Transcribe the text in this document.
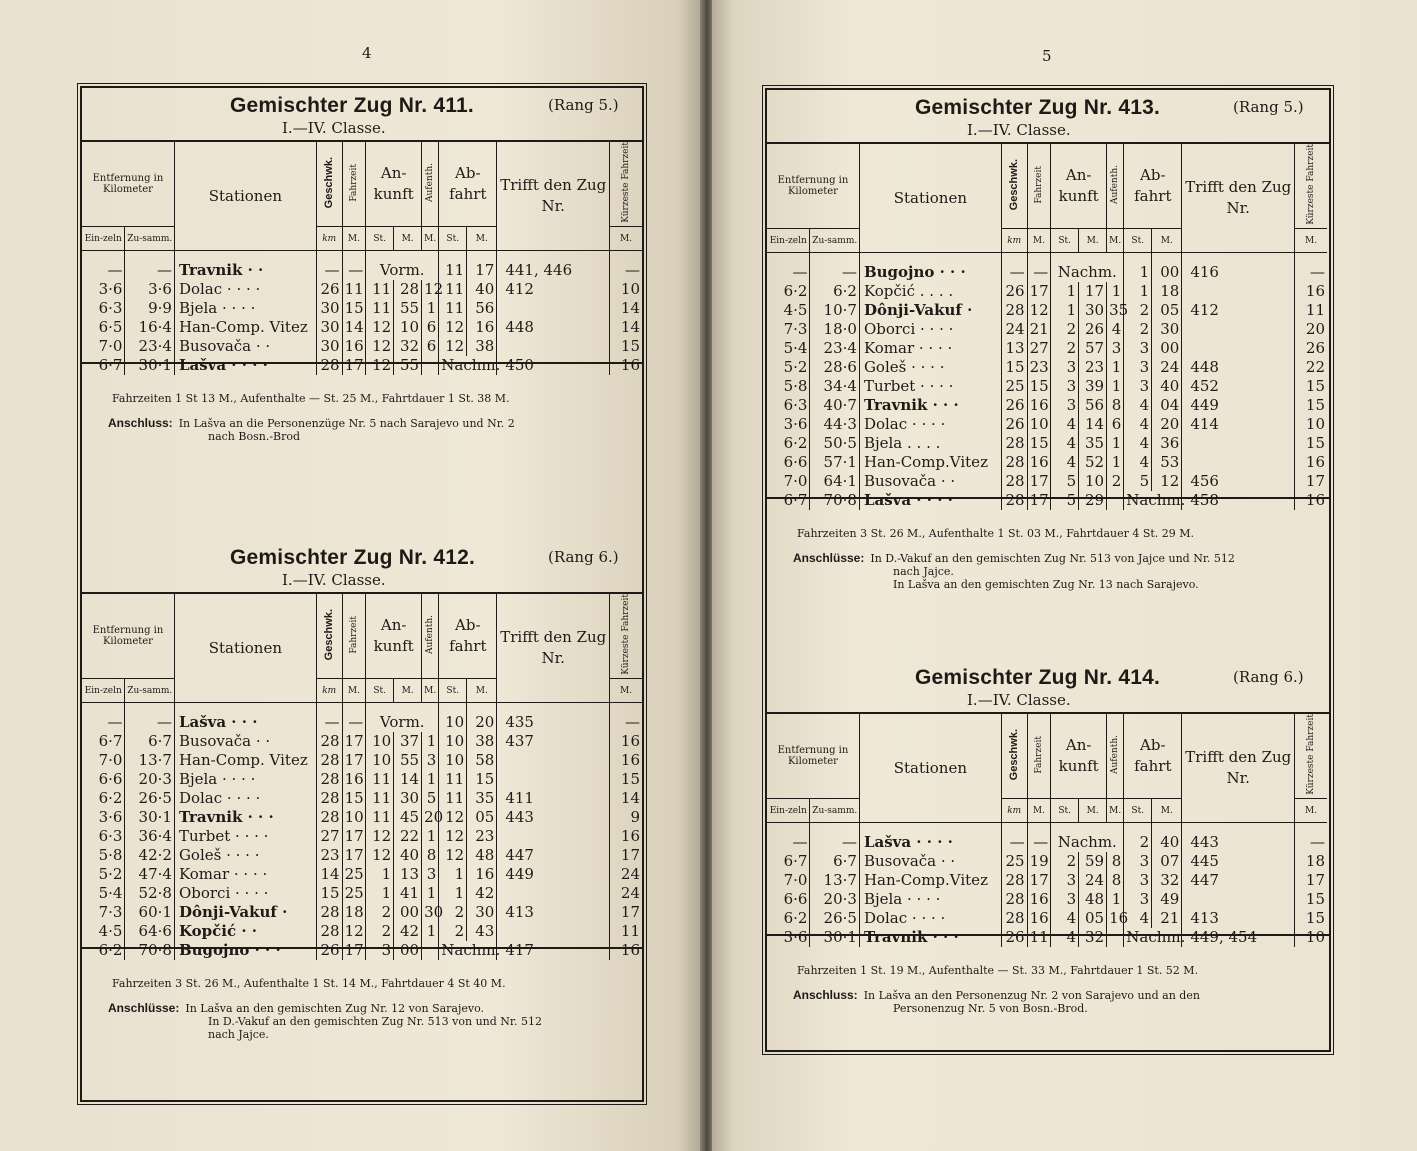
4
Gemischter Zug Nr. 411.	(Rang 5.)
I.—IV. Classe.
Entfernung in Kilometer		Stationen	Geschwk.	Fahrzeit	An-kunft		Aufenth.	Ab-fahrt		Trifft den Zug Nr.	Kürzeste Fahrzeit
Ein-zeln	Zu-samm.		km	M.	St.	M.	M.	St.	M.		M.
—	—	Travnik · ·	—	—	Vorm.			11	17	441, 446	—
3·6	3·6	Dolac · · · ·	26	11	11	28	12	11	40	412	10
6·3	9·9	Bjela · · · ·	30	15	11	55	1	11	56		14
6·5	16·4	Han-Comp. Vitez	30	14	12	10	6	12	16	448	14
7·0	23·4	Busovača · ·	30	16	12	32	6	12	38		15
6·7	30·1	Lašva · · · ·	28	17	12	55		Nachm.		450	16
Fahrzeiten 1 St 13 M., Aufenthalte — St. 25 M., Fahrtdauer 1 St. 38 M.
Anschluss: In Lašva an die Personenzüge Nr. 5 nach Sarajevo und Nr. 2
nach Bosn.-Brod
Gemischter Zug Nr. 412.	(Rang 6.)
I.—IV. Classe.
Entfernung in Kilometer		Stationen	Geschwk.	Fahrzeit	An-kunft		Aufenth.	Ab-fahrt		Trifft den Zug Nr.	Kürzeste Fahrzeit
Ein-zeln	Zu-samm.		km	M.	St.	M.	M.	St.	M.		M.
—	—	Lašva · · ·	—	—	Vorm.			10	20	435	—
6·7	6·7	Busovača · ·	28	17	10	37	1	10	38	437	16
7·0	13·7	Han-Comp. Vitez	28	17	10	55	3	10	58		16
6·6	20·3	Bjela · · · ·	28	16	11	14	1	11	15		15
6·2	26·5	Dolac · · · ·	28	15	11	30	5	11	35	411	14
3·6	30·1	Travnik · · ·	28	10	11	45	20	12	05	443	9
6·3	36·4	Turbet · · · ·	27	17	12	22	1	12	23		16
5·8	42·2	Goleš · · · ·	23	17	12	40	8	12	48	447	17
5·2	47·4	Komar · · · ·	14	25	1	13	3	1	16	449	24
5·4	52·8	Oborci · · · ·	15	25	1	41	1	1	42		24
7·3	60·1	Dônji-Vakuf ·	28	18	2	00	30	2	30	413	17
4·5	64·6	Kopčić · ·	28	12	2	42	1	2	43		11
6·2	70·8	Bugojno · · ·	26	17	3	00		Nachm.		417	16
Fahrzeiten 3 St. 26 M., Aufenthalte 1 St. 14 M., Fahrtdauer 4 St 40 M.
Anschlüsse: In Lašva an den gemischten Zug Nr. 12 von Sarajevo.
In D.-Vakuf an den gemischten Zug Nr. 513 von und Nr. 512
nach Jajce.
5
Gemischter Zug Nr. 413.	(Rang 5.)
I.—IV. Classe.
Entfernung in Kilometer		Stationen	Geschwk.	Fahrzeit	An-kunft		Aufenth.	Ab-fahrt		Trifft den Zug Nr.	Kürzeste Fahrzeit
Ein-zeln	Zu-samm.		km	M.	St.	M.	M.	St.	M.		M.
—	—	Bugojno · · ·	—	—	Nachm.			1	00	416	—
6·2	6·2	Kopčić . . . .	26	17	1	17	1	1	18		16
4·5	10·7	Dônji-Vakuf ·	28	12	1	30	35	2	05	412	11
7·3	18·0	Oborci · · · ·	24	21	2	26	4	2	30		20
5·4	23·4	Komar · · · ·	13	27	2	57	3	3	00		26
5·2	28·6	Goleš · · · ·	15	23	3	23	1	3	24	448	22
5·8	34·4	Turbet · · · ·	25	15	3	39	1	3	40	452	15
6·3	40·7	Travnik · · ·	26	16	3	56	8	4	04	449	15
3·6	44·3	Dolac · · · ·	26	10	4	14	6	4	20	414	10
6·2	50·5	Bjela . . . .	28	15	4	35	1	4	36		15
6·6	57·1	Han-Comp.Vitez	28	16	4	52	1	4	53		16
7·0	64·1	Busovača · ·	28	17	5	10	2	5	12	456	17
6·7	70·8	Lašva · · · ·	28	17	5	29		Nachm.		458	16
Fahrzeiten 3 St. 26 M., Aufenthalte 1 St. 03 M., Fahrtdauer 4 St. 29 M.
Anschlüsse: In D.-Vakuf an den gemischten Zug Nr. 513 von Jajce und Nr. 512
nach Jajce.
In Lašva an den gemischten Zug Nr. 13 nach Sarajevo.
Gemischter Zug Nr. 414.	(Rang 6.)
I.—IV. Classe.
Entfernung in Kilometer		Stationen	Geschwk.	Fahrzeit	An-kunft		Aufenth.	Ab-fahrt		Trifft den Zug Nr.	Kürzeste Fahrzeit
Ein-zeln	Zu-samm.		km	M.	St.	M.	M.	St.	M.		M.
—	—	Lašva · · · ·	—	—	Nachm.			2	40	443	—
6·7	6·7	Busovača · ·	25	19	2	59	8	3	07	445	18
7·0	13·7	Han-Comp.Vitez	28	17	3	24	8	3	32	447	17
6·6	20·3	Bjela · · · ·	28	16	3	48	1	3	49		15
6·2	26·5	Dolac · · · ·	28	16	4	05	16	4	21	413	15
3·6	30·1	Travnik · · ·	26	11	4	32		Nachm.		449, 454	10
Fahrzeiten 1 St. 19 M., Aufenthalte — St. 33 M., Fahrtdauer 1 St. 52 M.
Anschluss: In Lašva an den Personenzug Nr. 2 von Sarajevo und an den
Personenzug Nr. 5 von Bosn.-Brod.
